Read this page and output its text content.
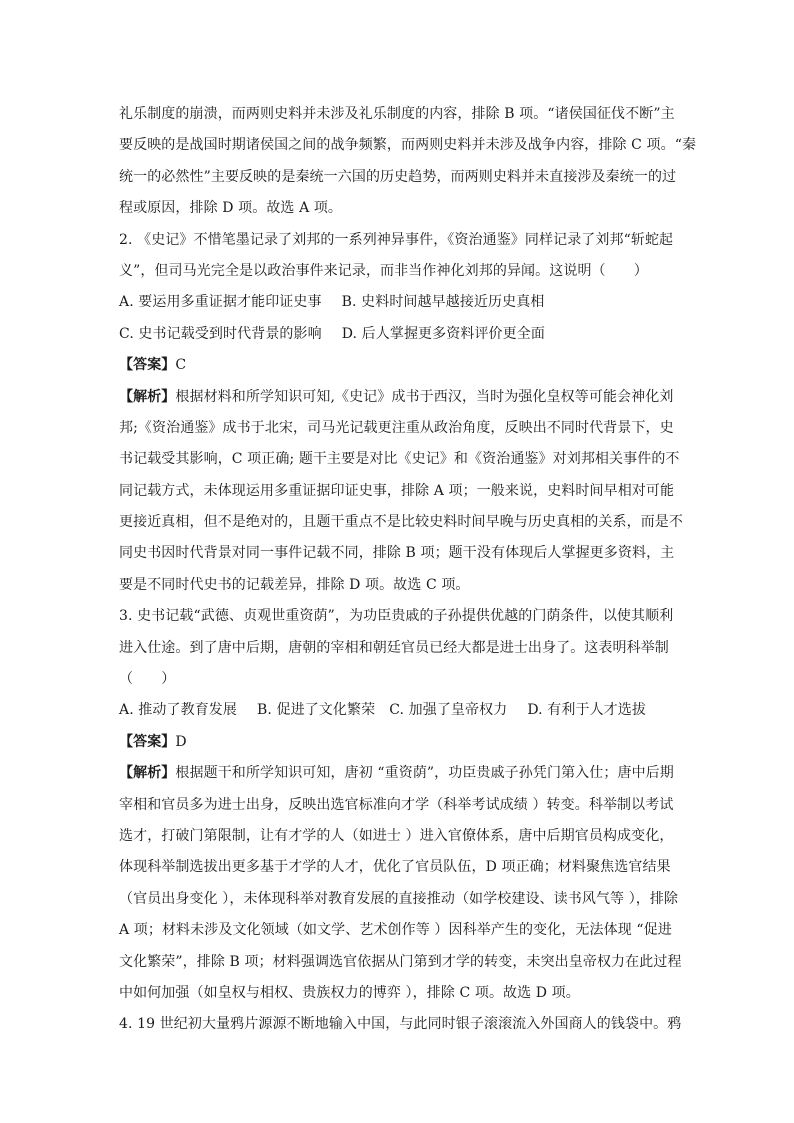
礼乐制度的崩溃，而两则史料并未涉及礼乐制度的内容，排除 B 项。“诸侯国征伐不断”主
要反映的是战国时期诸侯国之间的战争频繁，而两则史料并未涉及战争内容，排除 C 项。“秦
统一的必然性”主要反映的是秦统一六国的历史趋势，而两则史料并未直接涉及秦统一的过
程或原因，排除 D 项。故选 A 项。
2. 《史记》不惜笔墨记录了刘邦的一系列神异事件，《资治通鉴》同样记录了刘邦“斩蛇起
义”，但司马光完全是以政治事件来记录，而非当作神化刘邦的异闻。这说明（　　）
A. 要运用多重证据才能印证史事 B. 史料时间越早越接近历史真相
C. 史书记载受到时代背景的影响 D. 后人掌握更多资料评价更全面
【答案】C
【解析】根据材料和所学知识可知,《史记》成书于西汉，当时为强化皇权等可能会神化刘
邦;《资治通鉴》成书于北宋，司马光记载更注重从政治角度，反映出不同时代背景下，史
书记载受其影响，C 项正确; 题干主要是对比《史记》和《资治通鉴》对刘邦相关事件的不
同记载方式，未体现运用多重证据印证史事，排除 A 项；一般来说，史料时间早相对可能
更接近真相，但不是绝对的，且题干重点不是比较史料时间早晚与历史真相的关系，而是不
同史书因时代背景对同一事件记载不同，排除 B 项；题干没有体现后人掌握更多资料，主
要是不同时代史书的记载差异，排除 D 项。故选 C 项。
3. 史书记载“武德、贞观世重资荫”，为功臣贵戚的子孙提供优越的门荫条件，以使其顺利
进入仕途。到了唐中后期，唐朝的宰相和朝廷官员已经大都是进士出身了。这表明科举制
（　　）
A. 推动了教育发展 B. 促进了文化繁荣 C. 加强了皇帝权力 D. 有利于人才选拔
【答案】D
【解析】根据题干和所学知识可知，唐初 “重资荫”，功臣贵戚子孙凭门第入仕；唐中后期
宰相和官员多为进士出身，反映出选官标准向才学（科举考试成绩 ）转变。科举制以考试
选才，打破门第限制，让有才学的人（如进士 ）进入官僚体系，唐中后期官员构成变化，
体现科举制选拔出更多基于才学的人才，优化了官员队伍，D 项正确；材料聚焦选官结果
（官员出身变化 ），未体现科举对教育发展的直接推动（如学校建设、读书风气等 ），排除
A 项；材料未涉及文化领域（如文学、艺术创作等 ）因科举产生的变化，无法体现 “促进
文化繁荣”，排除 B 项；材料强调选官依据从门第到才学的转变，未突出皇帝权力在此过程
中如何加强（如皇权与相权、贵族权力的博弈 ），排除 C 项。故选 D 项。
4. 19 世纪初大量鸦片源源不断地输入中国，与此同时银子滚滚流入外国商人的钱袋中。鸦
